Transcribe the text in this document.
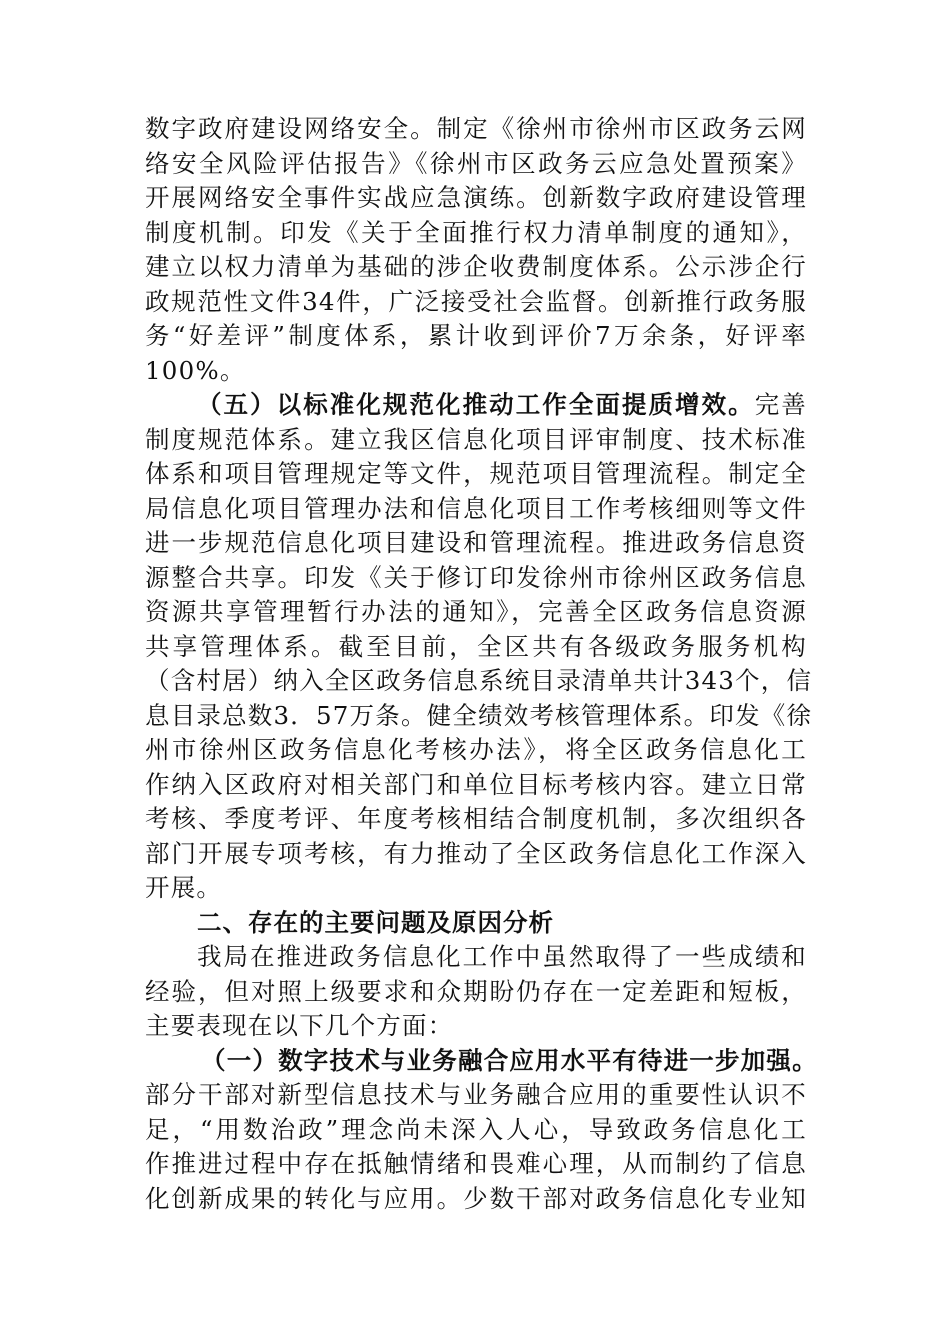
数字政府建设网络安全。制定《徐州市徐州市区政务云网
络安全风险评估报告》《徐州市区政务云应急处置预案》
开展网络安全事件实战应急演练。创新数字政府建设管理
制度机制。印发《关于全面推行权力清单制度的通知》，
建立以权力清单为基础的涉企收费制度体系。公示涉企行
政规范性文件34件，广泛接受社会监督。创新推行政务服
务“好差评”制度体系，累计收到评价7万余条，好评率
100%。
（五）以标准化规范化推动工作全面提质增效。完善
制度规范体系。建立我区信息化项目评审制度、技术标准
体系和项目管理规定等文件，规范项目管理流程。制定全
局信息化项目管理办法和信息化项目工作考核细则等文件
进一步规范信息化项目建设和管理流程。推进政务信息资
源整合共享。印发《关于修订印发徐州市徐州区政务信息
资源共享管理暂行办法的通知》，完善全区政务信息资源
共享管理体系。截至目前，全区共有各级政务服务机构
（含村居）纳入全区政务信息系统目录清单共计343个，信
息目录总数3．57万条。健全绩效考核管理体系。印发《徐
州市徐州区政务信息化考核办法》，将全区政务信息化工
作纳入区政府对相关部门和单位目标考核内容。建立日常
考核、季度考评、年度考核相结合制度机制，多次组织各
部门开展专项考核，有力推动了全区政务信息化工作深入
开展。
二、存在的主要问题及原因分析
我局在推进政务信息化工作中虽然取得了一些成绩和
经验，但对照上级要求和众期盼仍存在一定差距和短板，
主要表现在以下几个方面：
（一）数字技术与业务融合应用水平有待进一步加强。
部分干部对新型信息技术与业务融合应用的重要性认识不
足，“用数治政”理念尚未深入人心，导致政务信息化工
作推进过程中存在抵触情绪和畏难心理，从而制约了信息
化创新成果的转化与应用。少数干部对政务信息化专业知
